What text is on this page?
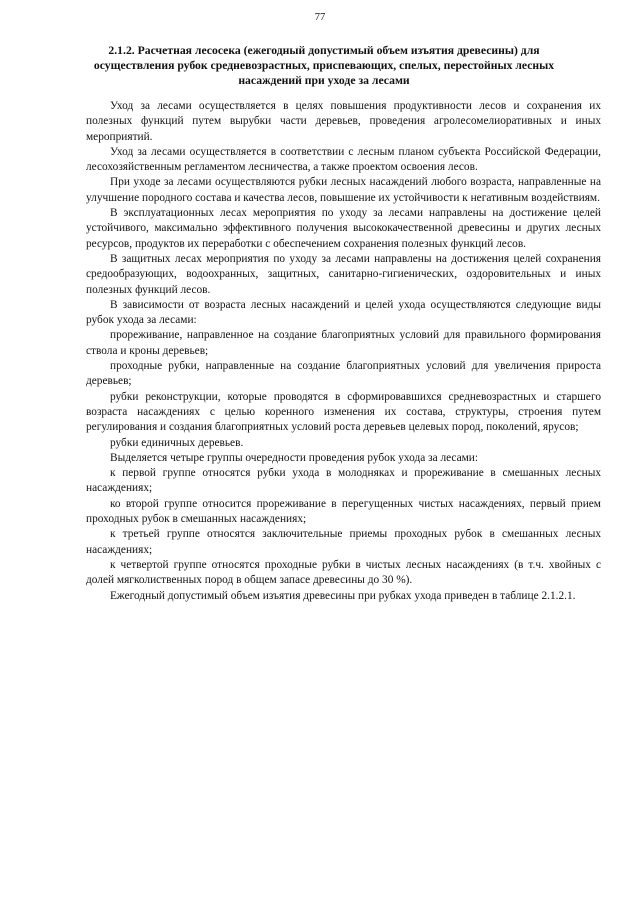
77
2.1.2. Расчетная лесосека (ежегодный допустимый объем изъятия древесины) для осуществления рубок средневозрастных, приспевающих, спелых, перестойных лесных насаждений при уходе за лесами

Уход за лесами осуществляется в целях повышения продуктивности лесов и сохранения их полезных функций путем вырубки части деревьев, проведения агролесомелиоративных и иных мероприятий.

Уход за лесами осуществляется в соответствии с лесным планом субъекта Российской Федерации, лесохозяйственным регламентом лесничества, а также проектом освоения лесов.

При уходе за лесами осуществляются рубки лесных насаждений любого возраста, направленные на улучшение породного состава и качества лесов, повышение их устойчивости к негативным воздействиям.

В эксплуатационных лесах мероприятия по уходу за лесами направлены на достижение целей устойчивого, максимально эффективного получения высококачественной древесины и других лесных ресурсов, продуктов их переработки с обеспечением сохранения полезных функций лесов.

В защитных лесах мероприятия по уходу за лесами направлены на достижения целей сохранения средообразующих, водоохранных, защитных, санитарно-гигиенических, оздоровительных и иных полезных функций лесов.

В зависимости от возраста лесных насаждений и целей ухода осуществляются следующие виды рубок ухода за лесами:

прореживание, направленное на создание благоприятных условий для правильного формирования ствола и кроны деревьев;

проходные рубки, направленные на создание благоприятных условий для увеличения прироста деревьев;

рубки реконструкции, которые проводятся в сформировавшихся средневозрастных и старшего возраста насаждениях с целью коренного изменения их состава, структуры, строения путем регулирования и создания благоприятных условий роста деревьев целевых пород, поколений, ярусов;

рубки единичных деревьев.

Выделяется четыре группы очередности проведения рубок ухода за лесами:

к первой группе относятся рубки ухода в молодняках и прореживание в смешанных лесных насаждениях;

ко второй группе относится прореживание в перегущенных чистых насаждениях, первый прием проходных рубок в смешанных насаждениях;

к третьей группе относятся заключительные приемы проходных рубок в смешанных лесных насаждениях;

к четвертой группе относятся проходные рубки в чистых лесных насаждениях (в т.ч. хвойных с долей мягколиственных пород в общем запасе древесины до 30 %).

Ежегодный допустимый объем изъятия древесины при рубках ухода приведен в таблице 2.1.2.1.
